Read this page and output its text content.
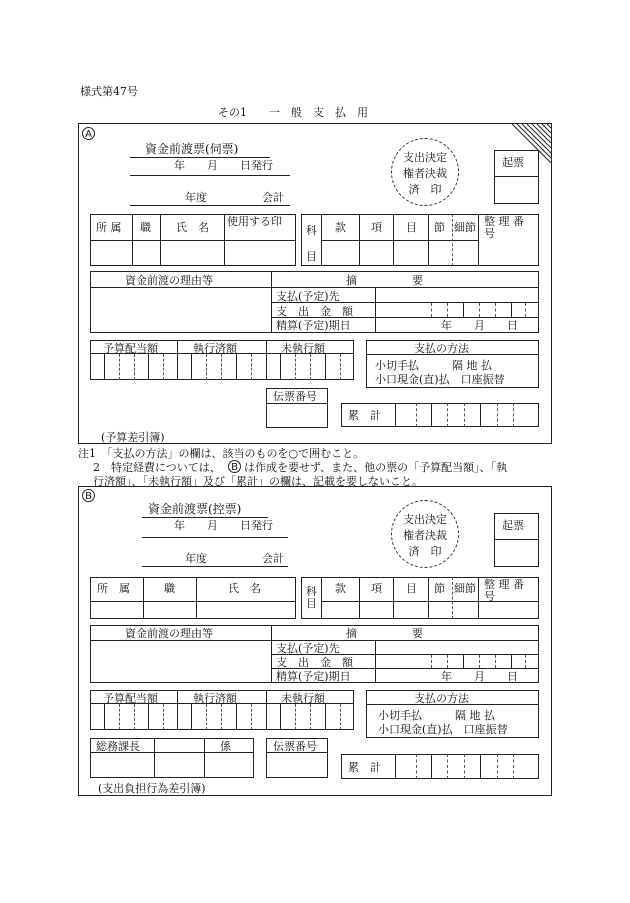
様式第47号
その1　　一　般　支　払　用
A
資金前渡票(伺票)
年　　月　　日発行
年度　　　　　会計
支出決定
権者決裁
済　印
起票
所 属 職 氏　名 使用する印
科目
款 項 目 節 細節 整 理 番 号
資金前渡の理由等	摘　　　　　要
支払(予定)先
支　出　金　額
精算(予定)期日	年　　月　　日
予算配当額	執行済額	未執行額	支払の方法
小切手払　　　隔 地 払
小口現金(直)払　口座振替
伝票番号
累　計
(予算差引簿)
注1　「支払の方法」の欄は、該当のものを○で囲むこと。
2　特定経費については、	B は作成を要せず、また、他の票の「予算配当額」、「執
行済額」、「未執行額」及び「累計」の欄は、記載を要しないこと。
B
資金前渡票(控票)
年　　月　　日発行
年度　　　　　会計
支出決定
権者決裁
済　印
起票
所　属	職	氏　名	科目
款 項 目 節 細節 整 理 番 号
資金前渡の理由等	摘　　　　　要
支払(予定)先
支　出　金　額
精算(予定)期日	年　　月　　日
予算配当額	執行済額	未執行額	支払の方法
小切手払　　　隔 地 払
小口現金(直)払　口座振替
総務課長	係	伝票番号
累　計
(支出負担行為差引簿)
